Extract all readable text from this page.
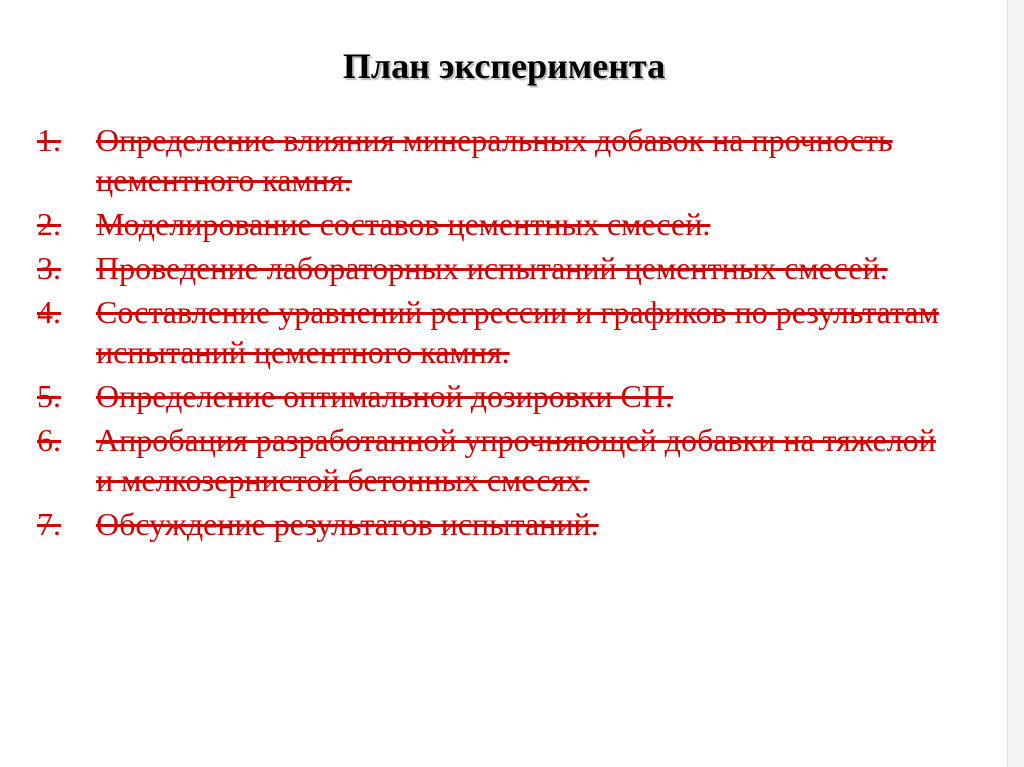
План эксперимента
1.	Определение влияния минеральных добавок на прочность цементного камня.
2.	Моделирование составов цементных смесей.
3.	Проведение лабораторных испытаний цементных смесей.
4.	Составление уравнений регрессии и графиков по результатам испытаний цементного камня.
5.	Определение оптимальной дозировки СП.
6.	Апробация разработанной упрочняющей добавки на тяжелой и мелкозернистой бетонных смесях.
7.	Обсуждение результатов испытаний.
